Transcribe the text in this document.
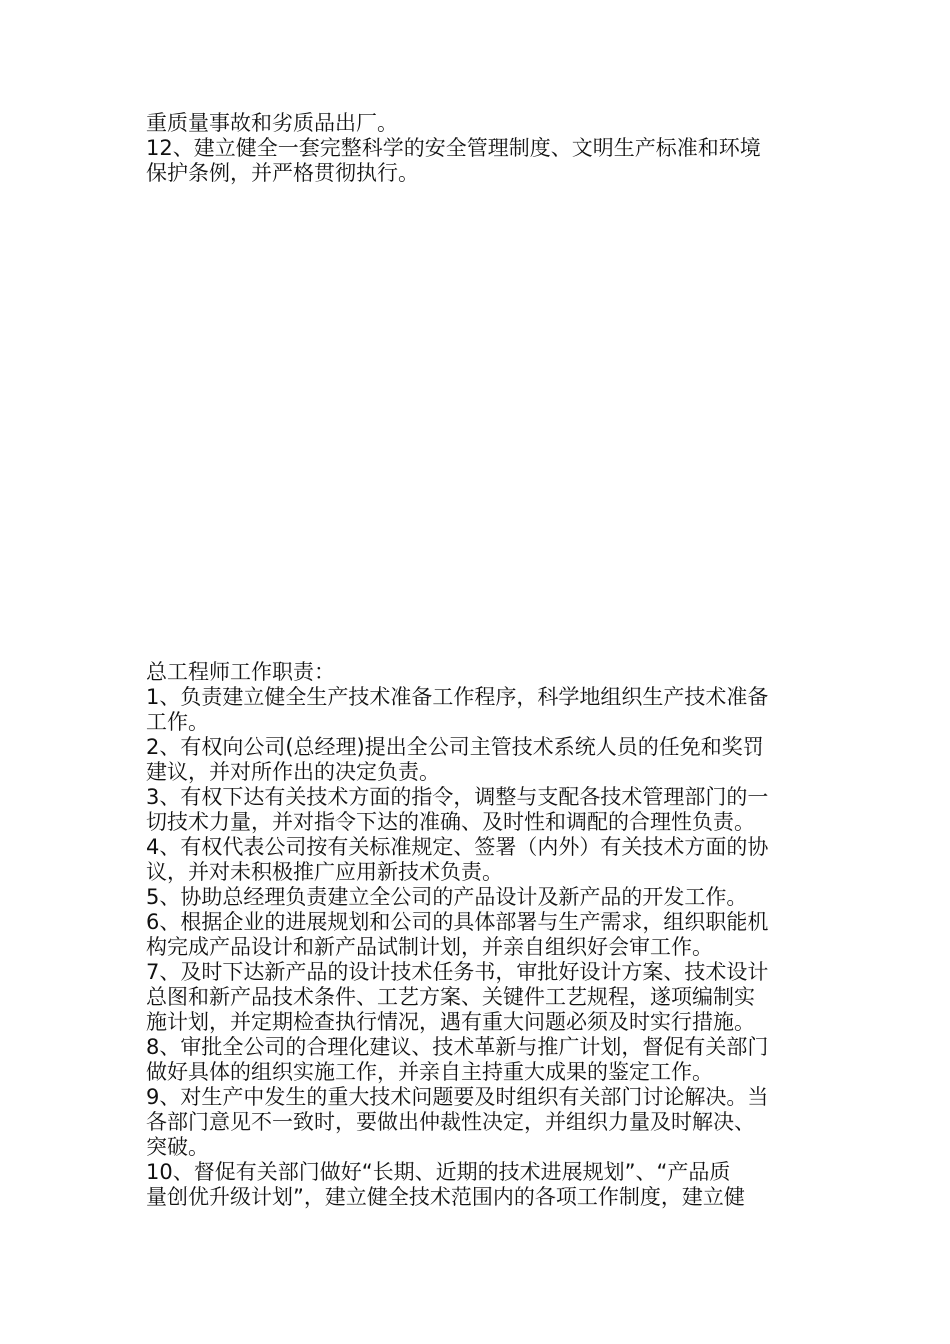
重质量事故和劣质品出厂。
12、建立健全一套完整科学的安全管理制度、文明生产标准和环境
保护条例，并严格贯彻执行。
总工程师工作职责：
1、负责建立健全生产技术准备工作程序，科学地组织生产技术准备
工作。
2、有权向公司(总经理)提出全公司主管技术系统人员的任免和奖罚
建议，并对所作出的决定负责。
3、有权下达有关技术方面的指令，调整与支配各技术管理部门的一
切技术力量，并对指令下达的准确、及时性和调配的合理性负责。
4、有权代表公司按有关标准规定、签署（内外）有关技术方面的协
议，并对未积极推广应用新技术负责。
5、协助总经理负责建立全公司的产品设计及新产品的开发工作。
6、根据企业的进展规划和公司的具体部署与生产需求，组织职能机
构完成产品设计和新产品试制计划，并亲自组织好会审工作。
7、及时下达新产品的设计技术任务书，审批好设计方案、技术设计
总图和新产品技术条件、工艺方案、关键件工艺规程，遂项编制实
施计划，并定期检查执行情况，遇有重大问题必须及时实行措施。
8、审批全公司的合理化建议、技术革新与推广计划，督促有关部门
做好具体的组织实施工作，并亲自主持重大成果的鉴定工作。
9、对生产中发生的重大技术问题要及时组织有关部门讨论解决。当
各部门意见不一致时，要做出仲裁性决定，并组织力量及时解决、
突破。
10、督促有关部门做好“长期、近期的技术进展规划”、“产品质
量创优升级计划”，建立健全技术范围内的各项工作制度，建立健
